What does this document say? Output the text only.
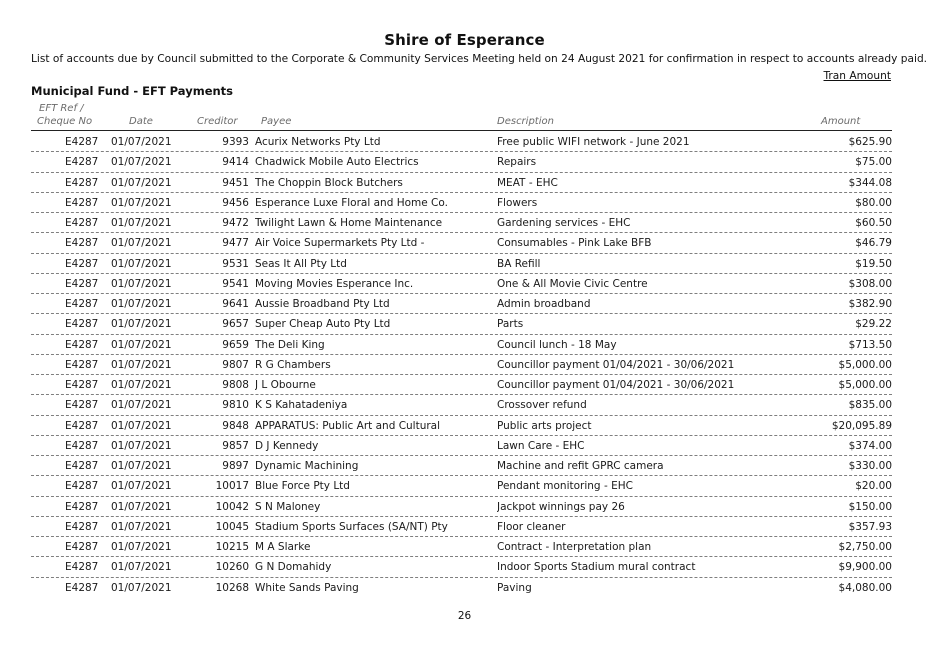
Shire of Esperance
List of accounts due by Council submitted to the Corporate & Community Services Meeting held on 24 August 2021 for confirmation in respect to accounts already paid.
Tran Amount
Municipal Fund - EFT Payments
EFT Ref /
Cheque No	Date	Creditor Payee	Description	Amount
E4287 01/07/2021	9393 Acurix Networks Pty Ltd	Free public WIFI network - June 2021	$625.90
E4287 01/07/2021	9414 Chadwick Mobile Auto Electrics	Repairs	$75.00
E4287 01/07/2021	9451 The Choppin Block Butchers	MEAT - EHC	$344.08
E4287 01/07/2021	9456 Esperance Luxe Floral and Home Co.	Flowers	$80.00
E4287 01/07/2021	9472 Twilight Lawn & Home Maintenance	Gardening services - EHC	$60.50
E4287 01/07/2021	9477 Air Voice Supermarkets Pty Ltd -	Consumables - Pink Lake BFB	$46.79
E4287 01/07/2021	9531 Seas It All Pty Ltd	BA Refill	$19.50
E4287 01/07/2021	9541 Moving Movies Esperance Inc.	One & All Movie Civic Centre	$308.00
E4287 01/07/2021	9641 Aussie Broadband Pty Ltd	Admin broadband	$382.90
E4287 01/07/2021	9657 Super Cheap Auto Pty Ltd	Parts	$29.22
E4287 01/07/2021	9659 The Deli King	Council lunch - 18 May	$713.50
E4287 01/07/2021	9807 R G Chambers	Councillor payment 01/04/2021 - 30/06/2021	$5,000.00
E4287 01/07/2021	9808 J L Obourne	Councillor payment 01/04/2021 - 30/06/2021	$5,000.00
E4287 01/07/2021	9810 K S Kahatadeniya	Crossover refund	$835.00
E4287 01/07/2021	9848 APPARATUS: Public Art and Cultural	Public arts project	$20,095.89
E4287 01/07/2021	9857 D J Kennedy	Lawn Care - EHC	$374.00
E4287 01/07/2021	9897 Dynamic Machining	Machine and refit GPRC camera	$330.00
E4287 01/07/2021	10017 Blue Force Pty Ltd	Pendant monitoring - EHC	$20.00
E4287 01/07/2021	10042 S N Maloney	Jackpot winnings pay 26	$150.00
E4287 01/07/2021	10045 Stadium Sports Surfaces (SA/NT) Pty	Floor cleaner	$357.93
E4287 01/07/2021	10215 M A Slarke	Contract - Interpretation plan	$2,750.00
E4287 01/07/2021	10260 G N Domahidy	Indoor Sports Stadium mural contract	$9,900.00
E4287 01/07/2021	10268 White Sands Paving	Paving	$4,080.00
26
